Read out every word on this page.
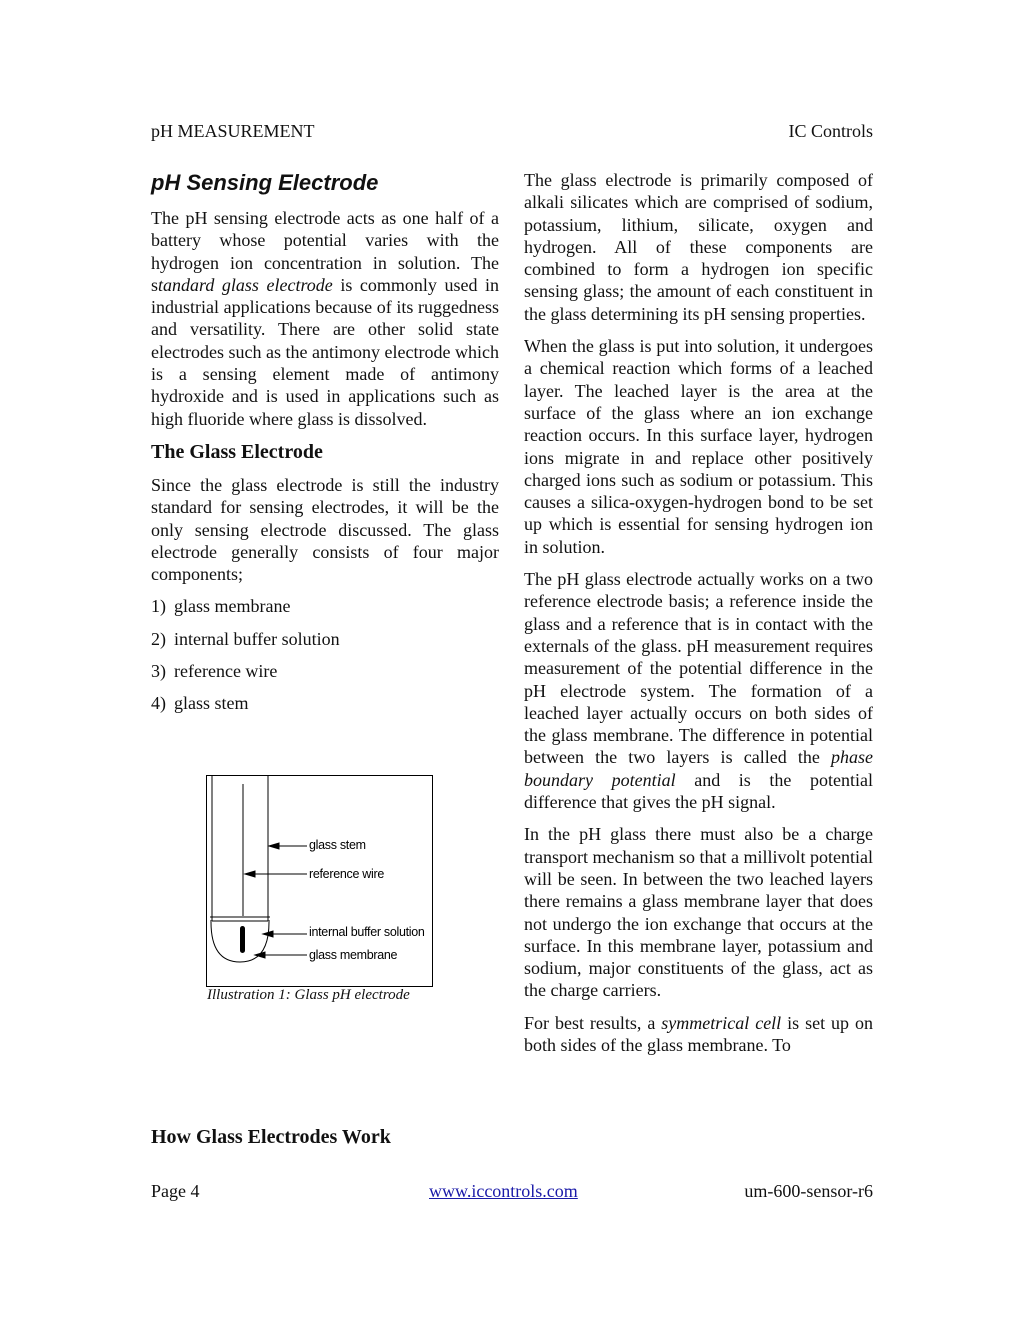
pH MEASUREMENT	IC Controls
pH Sensing Electrode

The pH sensing electrode acts as one half of a battery whose potential varies with the hydrogen ion concentration in solution. The standard glass electrode is commonly used in industrial applications because of its ruggedness and versatility. There are other solid state electrodes such as the antimony electrode which is a sensing element made of antimony hydroxide and is used in applications such as high fluoride where glass is dissolved.

The Glass Electrode

Since the glass electrode is still the industry standard for sensing electrodes, it will be the only sensing electrode discussed. The glass electrode generally consists of four major components;

1) glass membrane
2) internal buffer solution
3) reference wire
4) glass stem
glass stem
reference wire
internal buffer solution
glass membrane
Illustration 1: Glass pH electrode
How Glass Electrodes Work

The glass electrode is primarily composed of alkali silicates which are comprised of sodium, potassium, lithium, silicate, oxygen and hydrogen. All of these components are combined to form a hydrogen ion specific sensing glass; the amount of each constituent in the glass determining its pH sensing properties.

When the glass is put into solution, it undergoes a chemical reaction which forms of a leached layer. The leached layer is the area at the surface of the glass where an ion exchange reaction occurs. In this surface layer, hydrogen ions migrate in and replace other positively charged ions such as sodium or potassium. This causes a silica-oxygen-hydrogen bond to be set up which is essential for sensing hydrogen ion in solution.

The pH glass electrode actually works on a two reference electrode basis; a reference inside the glass and a reference that is in contact with the externals of the glass. pH measurement requires measurement of the potential difference in the pH electrode system. The formation of a leached layer actually occurs on both sides of the glass membrane. The difference in potential between the two layers is called the phase boundary potential and is the potential difference that gives the pH signal.

In the pH glass there must also be a charge transport mechanism so that a millivolt potential will be seen. In between the two leached layers there remains a glass membrane layer that does not undergo the ion exchange that occurs at the surface. In this membrane layer, potassium and sodium, major constituents of the glass, act as the charge carriers.

For best results, a symmetrical cell is set up on both sides of the glass membrane. To

Page 4	www.iccontrols.com	um-600-sensor-r6
